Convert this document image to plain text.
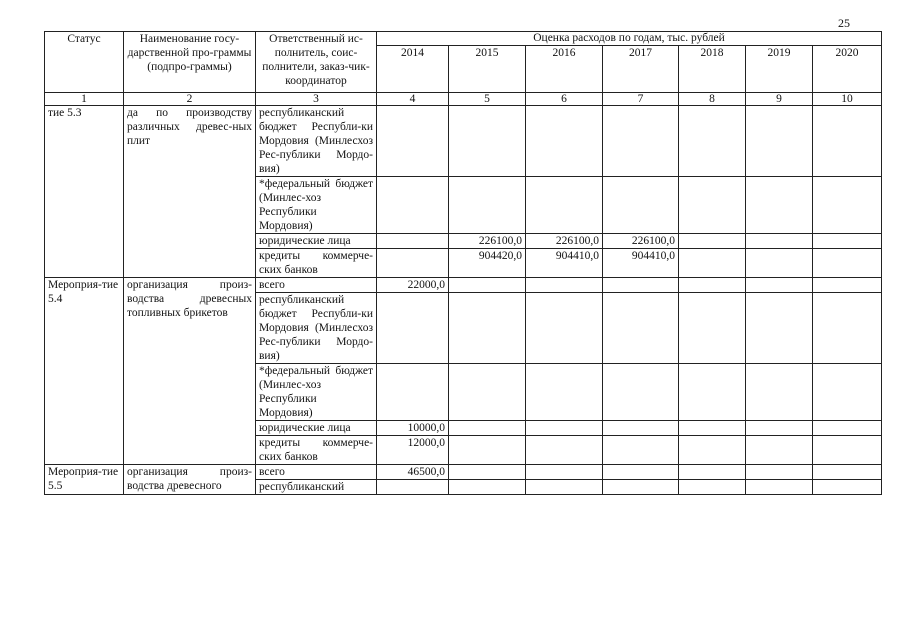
25
Статус	Наименование госу-дарственной про-граммы (подпро-граммы)	Ответственный ис-полнитель, соис-полнители, заказ-чик-координатор	Оценка расходов по годам, тыс. рублей						
			2014	2015	2016	2017	2018	2019	2020
1	2	3	4	5	6	7	8	9	10
тие 5.3	да по производству различных древес-ных плит	республиканский бюджет Республи-ки Мордовия (Минлесхоз Рес-публики Мордо-вия)							
		*федеральный бюджет (Минлес-хоз Республики Мордовия)							
		юридические лица		226100,0	226100,0	226100,0			
		кредиты коммерче-ских банков		904420,0	904410,0	904410,0			
Мероприя-тие 5.4	организация произ-водства древесных топливных брикетов	всего	22000,0						
		республиканский бюджет Республи-ки Мордовия (Минлесхоз Рес-публики Мордо-вия)							
		*федеральный бюджет (Минлес-хоз Республики Мордовия)							
		юридические лица	10000,0						
		кредиты коммерче-ских банков	12000,0						
Мероприя-тие 5.5	организация произ-водства древесного	всего	46500,0						
		республиканский							
